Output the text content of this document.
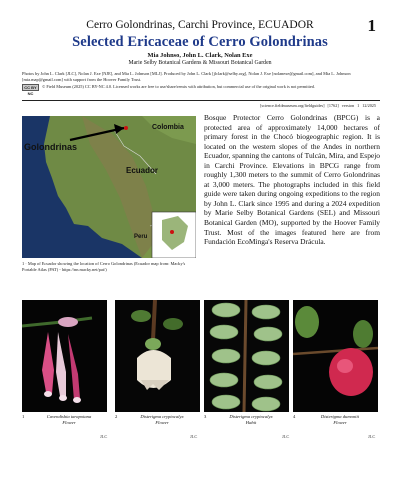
1
Cerro Golondrinas, Carchi Province, ECUADOR
Selected Ericaceae of Cerro Golondrinas
Mia Johnso, John L. Clark, Nolan Exe
Marie Selby Botanical Gardens & Missouri Botanical Garden
Photos by John L. Clark [JLC], Nolan J. Exe [NJE], and Mia L. Johnson [MLJ]. Produced by John L. Clark [jlclark@selby.org], Nolan J. Exe [nolanexe@gmail.com], and Mia L. Johnson [mia.map@gmail.com] with support from the Hoover Family Trust.
CC BY NC
© Field Museum (2025) CC BY-NC 4.0. Licensed works are free to use/share/remix with attribution, but commercial use of the original work is not permitted.
[science.fieldmuseum.org/fieldguides] [1762] version 1 12/2025
Colombia
Golondrinas
Ecuador
Peru
1 · Map of Ecuador showing the location of Cerro Golondrinas (Ecuador map from: Macky's Portable Atlas (PAT) - https://nn.macky.net/pat/)
Bosque Protector Cerro Golondrinas (BPCG) is a protected area of approximately 14,000 hectares of primary forest in the Chocó biogeographic region. It is located on the western slopes of the Andes in northern Ecuador, spanning the cantons of Tulcán, Mira, and Espejo in Carchi Province. Elevations in BPCG range from roughly 1,300 meters to the summit of Cerro Golondrinas at 3,000 meters. The photographs included in this field guide were taken during ongoing expeditions to the region by John L. Clark since 1995 and during a 2024 expedition by Marie Selby Botanical Gardens (SEL) and Missouri Botanical Garden (MO), supported by the Hoover Family Trust. Most of the images featured here are from Fundación EcoMinga's Reserva Drácula.
1	Cavendishia tarapotana
Flower
2	Disterigma cryptocalyx
Flower
3	Disterigma cryptocalyx
Habit
4	Disterigma dumontii
Flower
JLC	JLC	JLC	JLC
